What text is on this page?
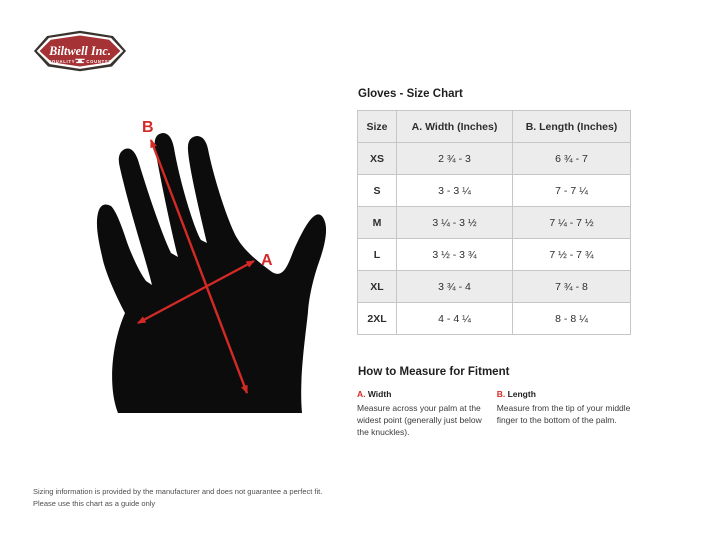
Biltwell Inc.
“QUALITY	COUNTS”
B
A
Gloves - Size Chart
Size	A. Width (Inches)	B. Length (Inches)
XS	2 ¾ - 3	6 ¾ - 7
S	3 - 3 ¼	7 - 7 ¼
M	3 ¼ - 3 ½	7 ¼ - 7 ½
L	3 ½ - 3 ¾	7 ½ - 7 ¾
XL	3 ¾ - 4	7 ¾ - 8
2XL	4 - 4 ¼	8 - 8 ¼
How to Measure for Fitment

A. Width

Measure across your palm at the widest point (generally just below the knuckles).

B. Length

Measure from the tip of your middle finger to the bottom of the palm.

Sizing information is provided by the manufacturer and does not guarantee a perfect fit.
Please use this chart as a guide only
